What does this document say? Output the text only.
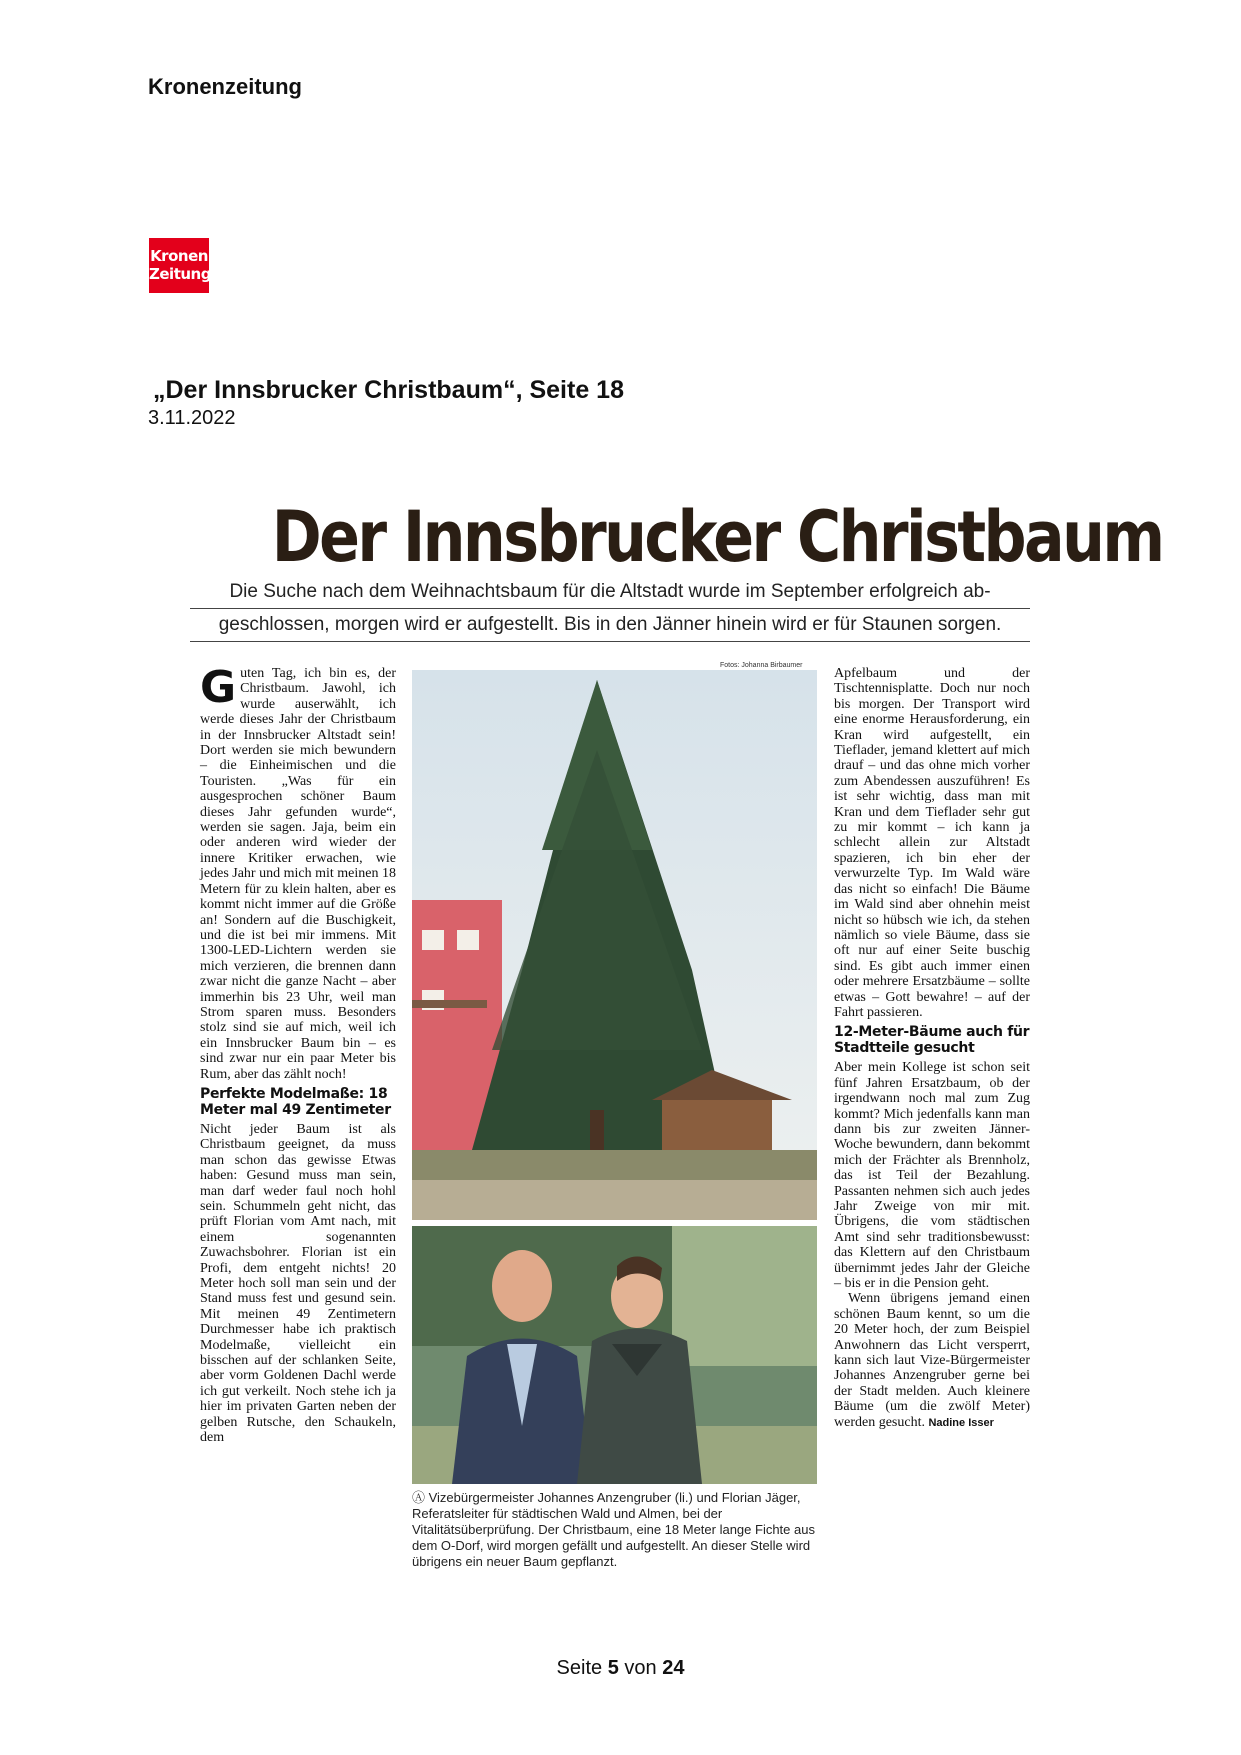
Kronenzeitung
Kronen
Zeitung
„Der Innsbrucker Christbaum“, Seite 18
3.11.2022
Der Innsbrucker Christbaum
Die Suche nach dem Weihnachtsbaum für die Altstadt wurde im September erfolgreich ab-
geschlossen, morgen wird er aufgestellt. Bis in den Jänner hinein wird er für Staunen sorgen.

Guten Tag, ich bin es, der Christbaum. Jawohl, ich wurde auserwählt, ich werde dieses Jahr der Christbaum in der Innsbrucker Altstadt sein! Dort werden sie mich bewundern – die Einheimischen und die Touristen. „Was für ein ausgesprochen schöner Baum dieses Jahr gefunden wurde“, werden sie sagen. Jaja, beim ein oder anderen wird wieder der innere Kritiker erwachen, wie jedes Jahr und mich mit meinen 18 Metern für zu klein halten, aber es kommt nicht immer auf die Größe an! Sondern auf die Buschigkeit, und die ist bei mir immens. Mit 1300-LED-Lichtern werden sie mich verzieren, die brennen dann zwar nicht die ganze Nacht – aber immerhin bis 23 Uhr, weil man Strom sparen muss. Besonders stolz sind sie auf mich, weil ich ein Innsbrucker Baum bin – es sind zwar nur ein paar Meter bis Rum, aber das zählt noch!

Perfekte Modelmaße: 18 Meter mal 49 Zentimeter

Nicht jeder Baum ist als Christbaum geeignet, da muss man schon das gewisse Etwas haben: Gesund muss man sein, man darf weder faul noch hohl sein. Schummeln geht nicht, das prüft Florian vom Amt nach, mit einem sogenannten Zuwachsbohrer. Florian ist ein Profi, dem entgeht nichts! 20 Meter hoch soll man sein und der Stand muss fest und gesund sein. Mit meinen 49 Zentimetern Durchmesser habe ich praktisch Modelmaße, vielleicht ein bisschen auf der schlanken Seite, aber vorm Goldenen Dachl werde ich gut verkeilt. Noch stehe ich ja hier im privaten Garten neben der gelben Rutsche, den Schaukeln, dem

Fotos: Johanna Birbaumer
Ⓐ Vizebürgermeister Johannes Anzengruber (li.) und Florian Jäger, Referatsleiter für städtischen Wald und Almen, bei der Vitalitätsüberprüfung. Der Christbaum, eine 18 Meter lange Fichte aus dem O-Dorf, wird morgen gefällt und aufgestellt. An dieser Stelle wird übrigens ein neuer Baum gepflanzt.

Apfelbaum und der Tischtennisplatte. Doch nur noch bis morgen. Der Transport wird eine enorme Herausforderung, ein Kran wird aufgestellt, ein Tieflader, jemand klettert auf mich drauf – und das ohne mich vorher zum Abendessen auszuführen! Es ist sehr wichtig, dass man mit Kran und dem Tieflader sehr gut zu mir kommt – ich kann ja schlecht allein zur Altstadt spazieren, ich bin eher der verwurzelte Typ. Im Wald wäre das nicht so einfach! Die Bäume im Wald sind aber ohnehin meist nicht so hübsch wie ich, da stehen nämlich so viele Bäume, dass sie oft nur auf einer Seite buschig sind. Es gibt auch immer einen oder mehrere Ersatzbäume – sollte etwas – Gott bewahre! – auf der Fahrt passieren.

12-Meter-Bäume auch für Stadtteile gesucht

Aber mein Kollege ist schon seit fünf Jahren Ersatzbaum, ob der irgendwann noch mal zum Zug kommt? Mich jedenfalls kann man dann bis zur zweiten Jänner-Woche bewundern, dann bekommt mich der Frächter als Brennholz, das ist Teil der Bezahlung. Passanten nehmen sich auch jedes Jahr Zweige von mir mit. Übrigens, die vom städtischen Amt sind sehr traditionsbewusst: das Klettern auf den Christbaum übernimmt jedes Jahr der Gleiche – bis er in die Pension geht.

Wenn übrigens jemand einen schönen Baum kennt, so um die 20 Meter hoch, der zum Beispiel Anwohnern das Licht versperrt, kann sich laut Vize-Bürgermeister Johannes Anzengruber gerne bei der Stadt melden. Auch kleinere Bäume (um die zwölf Meter) werden gesucht. Nadine Isser

Seite 5 von 24
